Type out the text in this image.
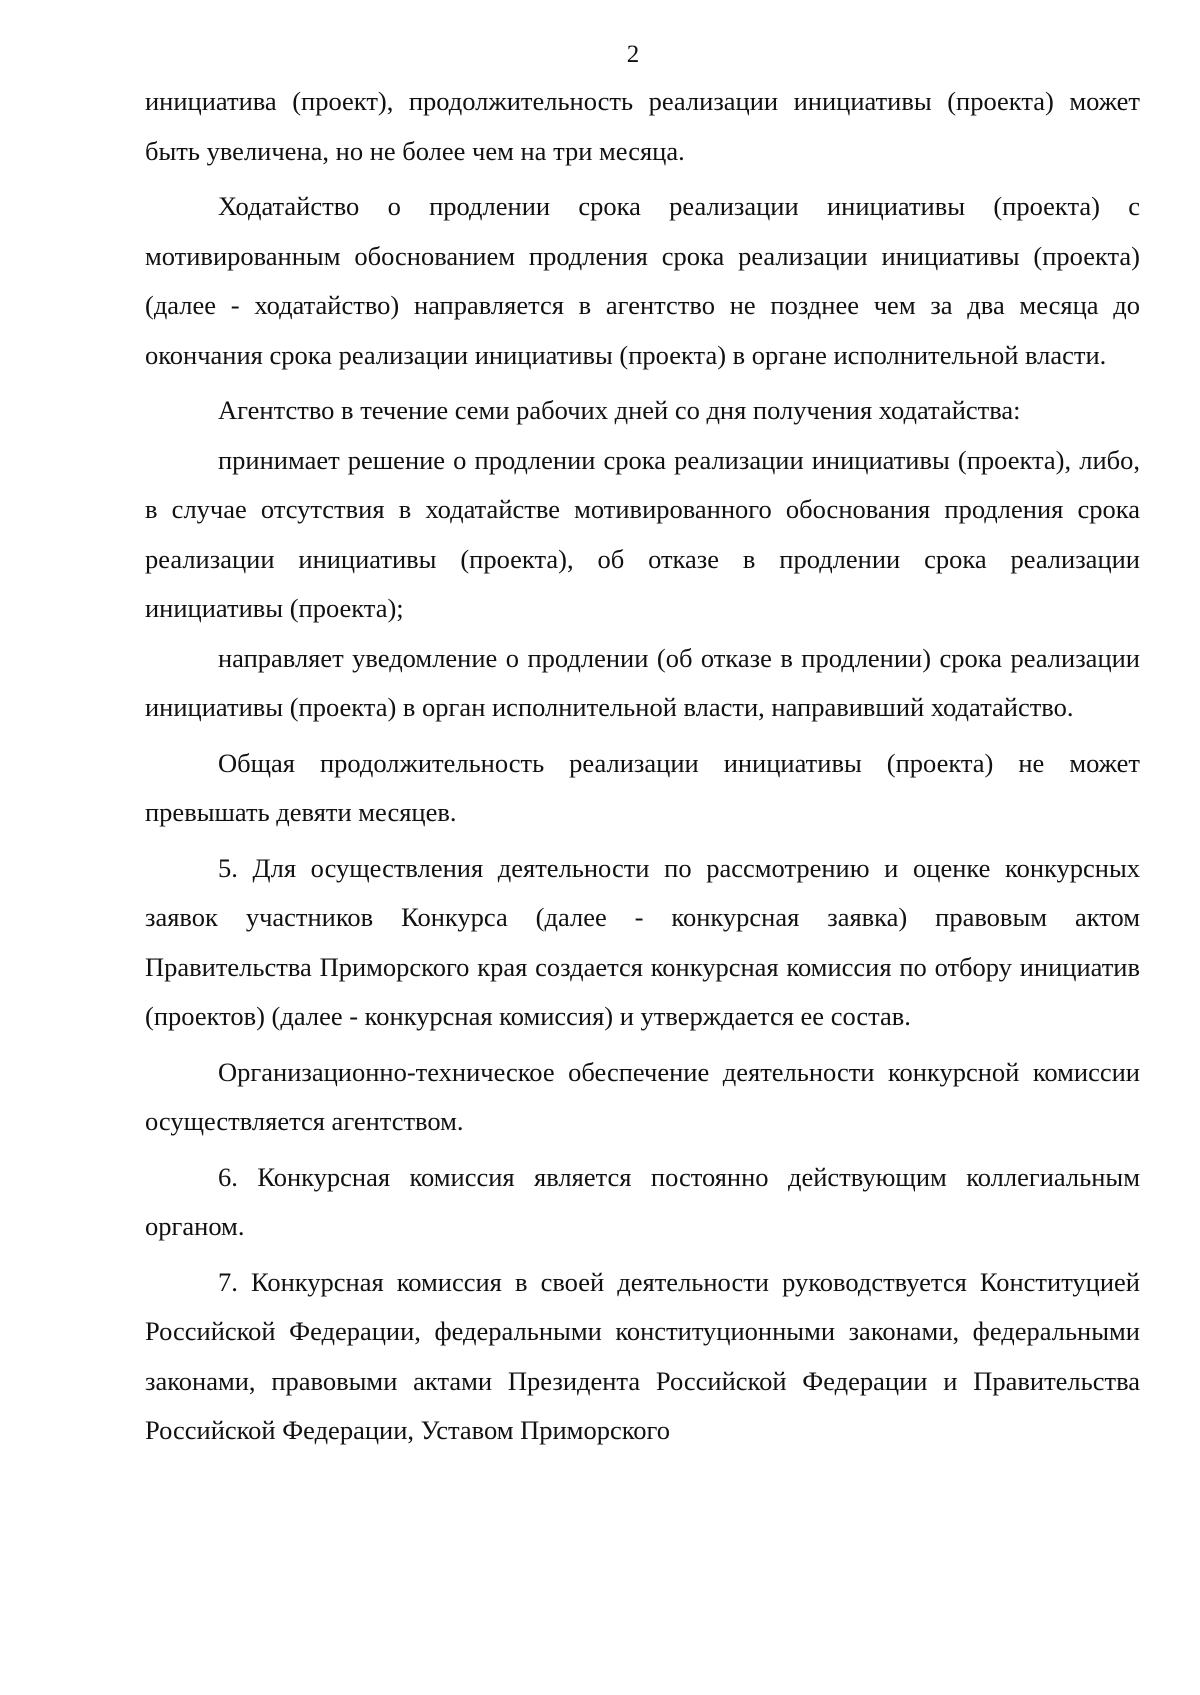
2

инициатива (проект), продолжительность реализации инициативы (проекта) может быть увеличена, но не более чем на три месяца.

Ходатайство о продлении срока реализации инициативы (проекта) с мотивированным обоснованием продления срока реализации инициативы (проекта) (далее - ходатайство) направляется в агентство не позднее чем за два месяца до окончания срока реализации инициативы (проекта) в органе исполнительной власти.

Агентство в течение семи рабочих дней со дня получения ходатайства:

принимает решение о продлении срока реализации инициативы (проекта), либо, в случае отсутствия в ходатайстве мотивированного обоснования продления срока реализации инициативы (проекта), об отказе в продлении срока реализации инициативы (проекта);

направляет уведомление о продлении (об отказе в продлении) срока реализации инициативы (проекта) в орган исполнительной власти, направивший ходатайство.

Общая продолжительность реализации инициативы (проекта) не может превышать девяти месяцев.

5. Для осуществления деятельности по рассмотрению и оценке конкурсных заявок участников Конкурса (далее - конкурсная заявка) правовым актом Правительства Приморского края создается конкурсная комиссия по отбору инициатив (проектов) (далее - конкурсная комиссия) и утверждается ее состав.

Организационно-техническое обеспечение деятельности конкурсной комиссии осуществляется агентством.

6. Конкурсная комиссия является постоянно действующим коллегиальным органом.

7. Конкурсная комиссия в своей деятельности руководствуется Конституцией Российской Федерации, федеральными конституционными законами, федеральными законами, правовыми актами Президента Российской Федерации и Правительства Российской Федерации, Уставом Приморского
